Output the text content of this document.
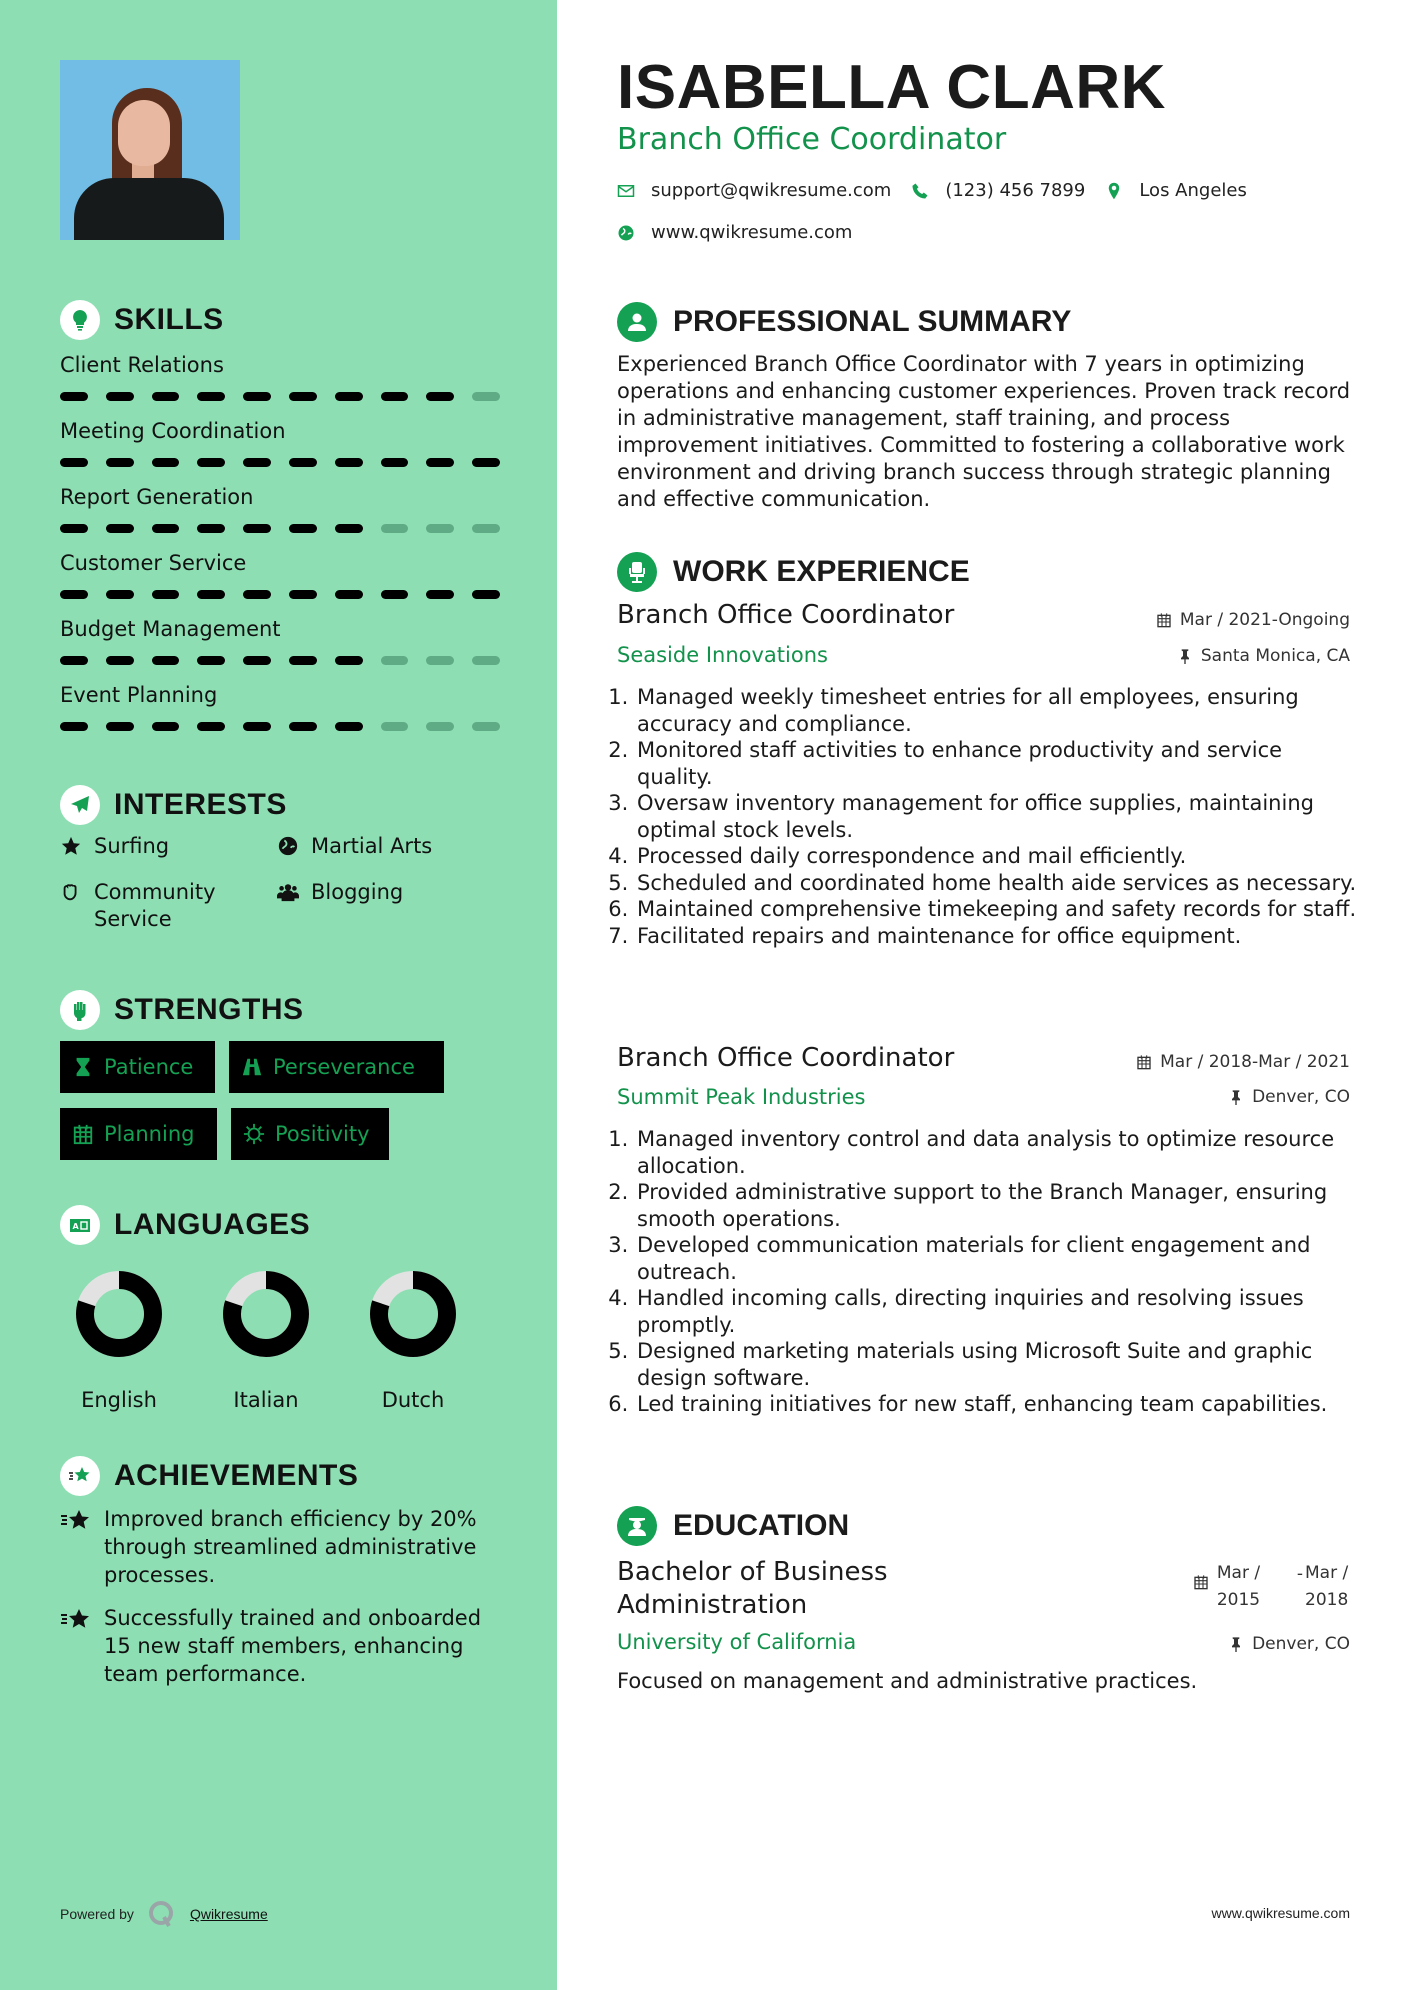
SKILLS
Client Relations
Meeting Coordination
Report Generation
Customer Service
Budget Management
Event Planning
INTERESTS
Surfing	Martial Arts
Community Service
Blogging
STRENGTHS
Patience	Perseverance
Planning	Positivity
A LANGUAGES
English	Italian	Dutch
ACHIEVEMENTS
Improved branch efficiency by 20% through streamlined administrative processes.
Successfully trained and onboarded 15 new staff members, enhancing team performance.
Powered by	Qwikresume
ISABELLA CLARK
Branch Office Coordinator
support@qwikresume.com	(123) 456 7899	Los Angeles
www.qwikresume.com
PROFESSIONAL SUMMARY

Experienced Branch Office Coordinator with 7 years in optimizing operations and enhancing customer experiences. Proven track record in administrative management, staff training, and process improvement initiatives. Committed to fostering a collaborative work environment and driving branch success through strategic planning and effective communication.

WORK EXPERIENCE
Branch Office Coordinator	Mar / 2021-Ongoing
Seaside Innovations	Santa Monica, CA
1. Managed weekly timesheet entries for all employees, ensuring accuracy and compliance.
2. Monitored staff activities to enhance productivity and service quality.
3. Oversaw inventory management for office supplies, maintaining optimal stock levels.
4. Processed daily correspondence and mail efficiently.
5. Scheduled and coordinated home health aide services as necessary.
6. Maintained comprehensive timekeeping and safety records for staff.
7. Facilitated repairs and maintenance for office equipment.
Branch Office Coordinator	Mar / 2018-Mar / 2021
Summit Peak Industries	Denver, CO
1. Managed inventory control and data analysis to optimize resource allocation.
2. Provided administrative support to the Branch Manager, ensuring smooth operations.
3. Developed communication materials for client engagement and outreach.
4. Handled incoming calls, directing inquiries and resolving issues promptly.
5. Designed marketing materials using Microsoft Suite and graphic design software.
6. Led training initiatives for new staff, enhancing team capabilities.
EDUCATION
Bachelor of Business
Administration
Mar /
2015
- Mar /
2018
University of California	Denver, CO

Focused on management and administrative practices.

www.qwikresume.com
